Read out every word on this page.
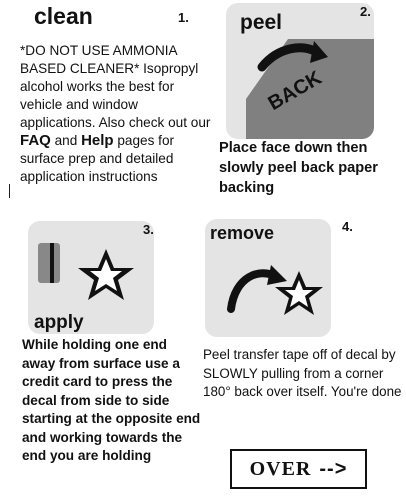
clean	1.
*DO NOT USE AMMONIA BASED CLEANER* Isopropyl alcohol works the best for vehicle and window applications. Also check out our FAQ and Help pages for surface prep and detailed application instructions
BACK
peel	2.
Place face down then slowly peel back paper backing
apply
3.
While holding one end away from surface use a credit card to press the decal from side to side starting at the opposite end and working towards the end you are holding
remove	4.
Peel transfer tape off of decal by SLOWLY pulling from a corner 180° back over itself. You're done
OVER -->
